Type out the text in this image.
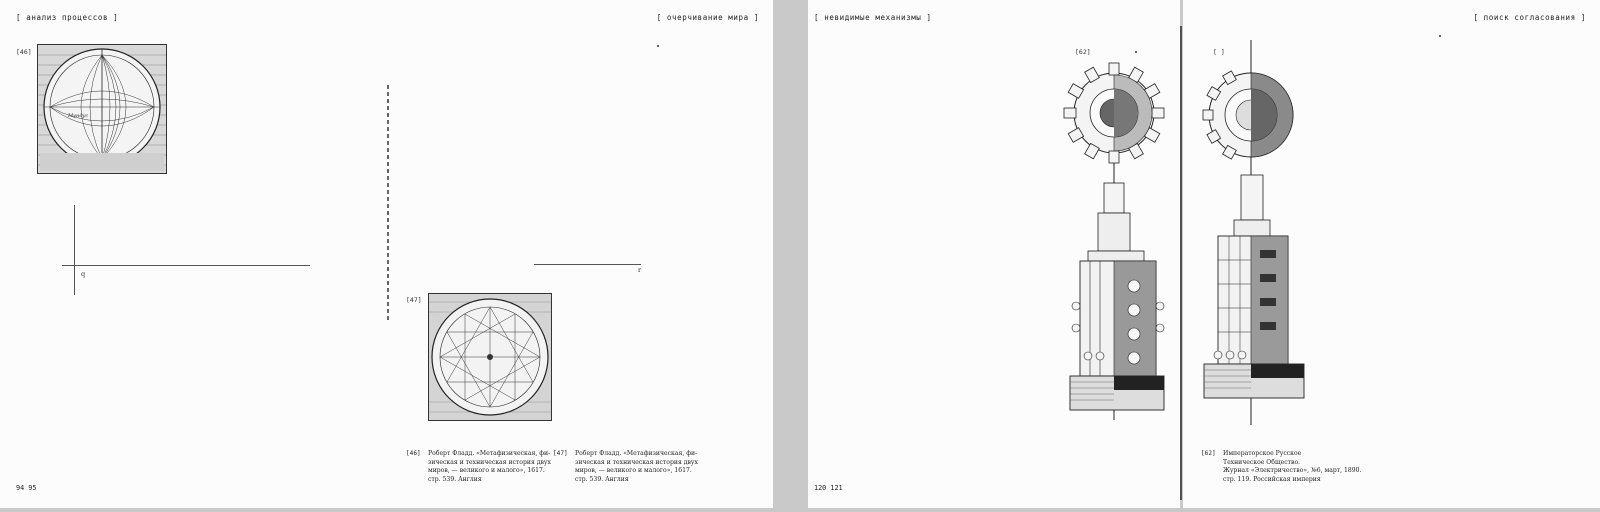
[ анализ процессов ]
[46]
Мундус
q
94 95
[ очерчивание мира ]
r
[47]
[46] Роберт Фладд. «Метафизическая, фи-
зическая и техническая история двух
миров, — великого и малого», 1617.
стр. 539. Англия
[47] Роберт Фладд. «Метафизическая, фи-
зическая и техническая история двух
миров, — великого и малого», 1617.
стр. 539. Англия
[ невидимые механизмы ]
[62]
120 121
[ поиск согласования ]
[ ]
[62] Императорское Русское
Техническое Общество.
Журнал «Электричество», №6, март, 1890.
стр. 119. Российская империя
